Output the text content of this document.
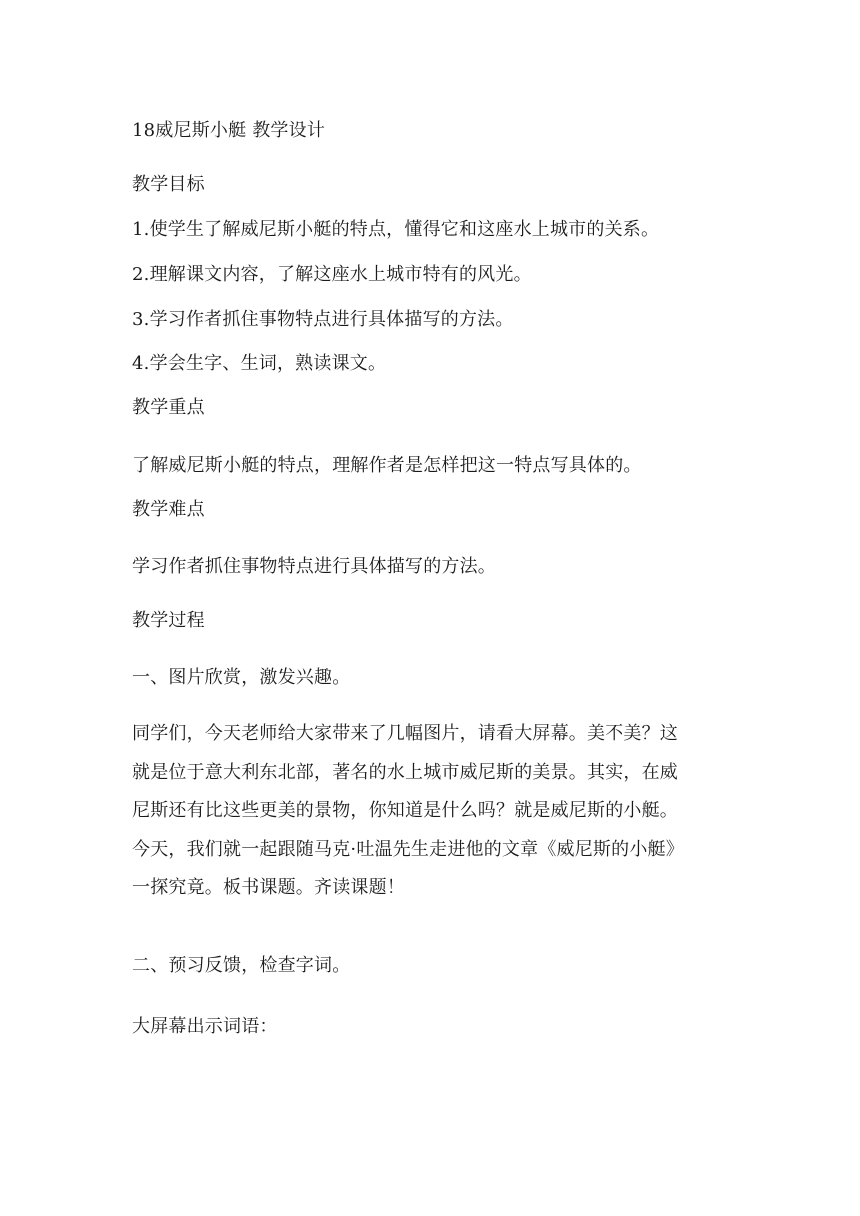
18威尼斯小艇 教学设计
教学目标
1.使学生了解威尼斯小艇的特点，懂得它和这座水上城市的关系。
2.理解课文内容，了解这座水上城市特有的风光。
3.学习作者抓住事物特点进行具体描写的方法。
4.学会生字、生词，熟读课文。
教学重点
了解威尼斯小艇的特点，理解作者是怎样把这一特点写具体的。
教学难点
学习作者抓住事物特点进行具体描写的方法。
教学过程
一、图片欣赏，激发兴趣。
同学们，今天老师给大家带来了几幅图片，请看大屏幕。美不美？这
就是位于意大利东北部，著名的水上城市威尼斯的美景。其实，在威
尼斯还有比这些更美的景物，你知道是什么吗？就是威尼斯的小艇。
今天，我们就一起跟随马克·吐温先生走进他的文章《威尼斯的小艇》
一探究竟。板书课题。齐读课题！
二、预习反馈，检查字词。
大屏幕出示词语：
